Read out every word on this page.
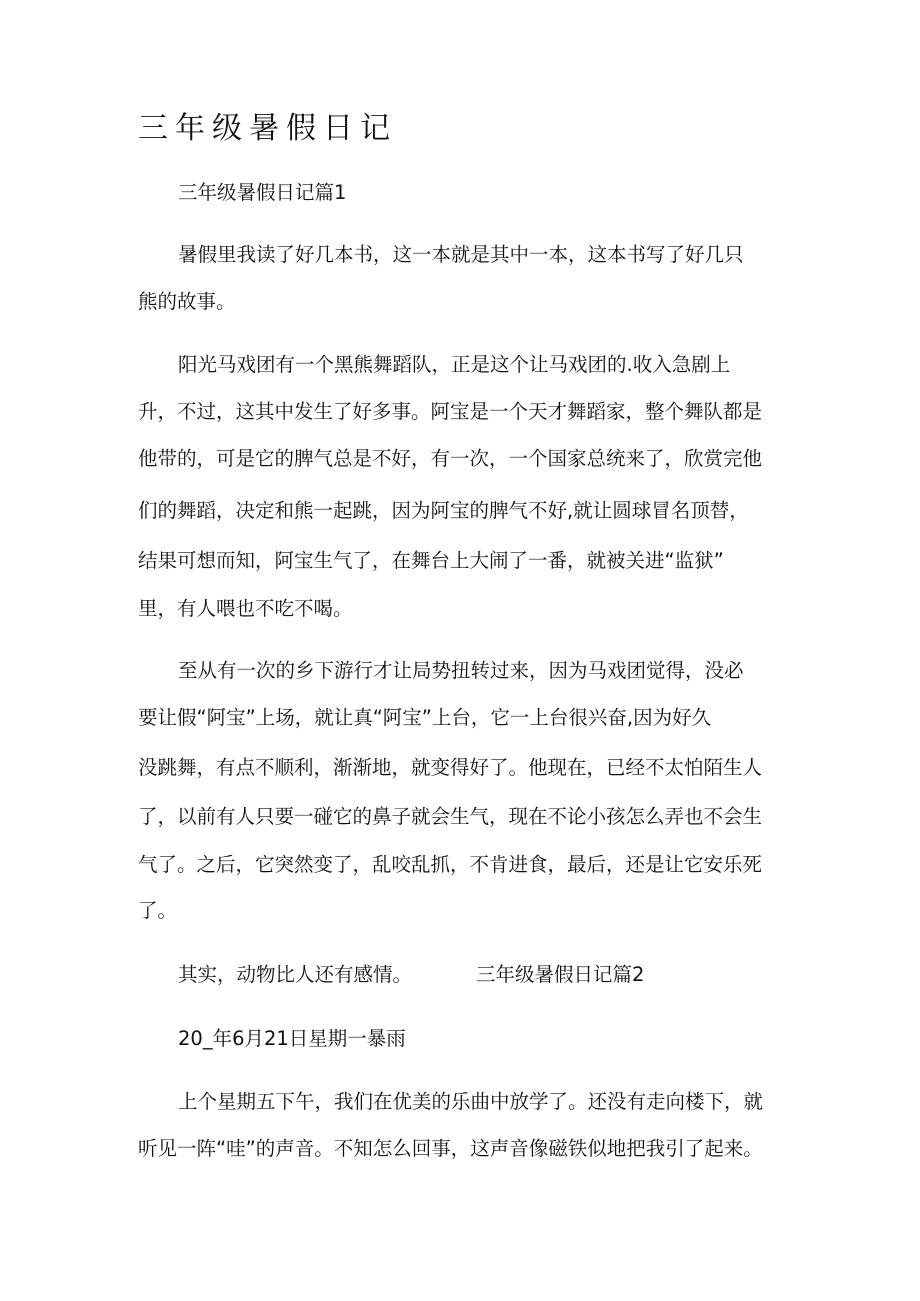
三年级暑假日记

三年级暑假日记篇1

暑假里我读了好几本书，这一本就是其中一本，这本书写了好几只

熊的故事。

阳光马戏团有一个黑熊舞蹈队，正是这个让马戏团的.收入急剧上

升，不过，这其中发生了好多事。阿宝是一个天才舞蹈家，整个舞队都是

他带的，可是它的脾气总是不好，有一次，一个国家总统来了，欣赏完他

们的舞蹈，决定和熊一起跳，因为阿宝的脾气不好,就让圆球冒名顶替，

结果可想而知，阿宝生气了，在舞台上大闹了一番，就被关进“监狱”

里，有人喂也不吃不喝。

至从有一次的乡下游行才让局势扭转过来，因为马戏团觉得，没必

要让假“阿宝”上场，就让真“阿宝”上台，它一上台很兴奋,因为好久

没跳舞，有点不顺利，渐渐地，就变得好了。他现在，已经不太怕陌生人

了，以前有人只要一碰它的鼻子就会生气，现在不论小孩怎么弄也不会生

气了。之后，它突然变了，乱咬乱抓，不肯进食，最后，还是让它安乐死

了。

其实，动物比人还有感情。	三年级暑假日记篇2

20_年6月21日星期一暴雨

上个星期五下午，我们在优美的乐曲中放学了。还没有走向楼下，就

听见一阵“哇”的声音。不知怎么回事，这声音像磁铁似地把我引了起来。
